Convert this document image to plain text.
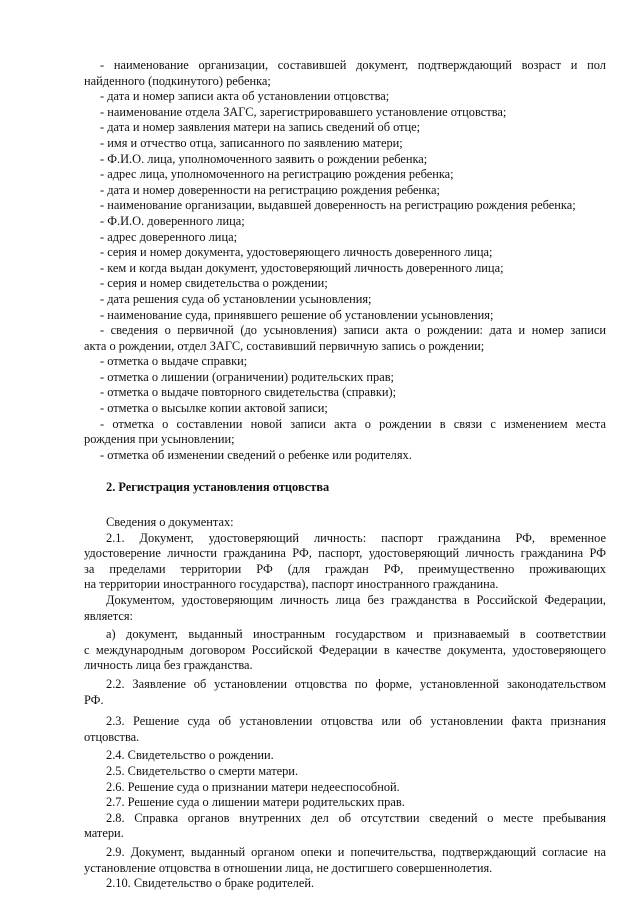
- наименование организации, составившей документ, подтверждающий возраст и пол
найденного (подкинутого) ребенка;
- дата и номер записи акта об установлении отцовства;
- наименование отдела ЗАГС, зарегистрировавшего установление отцовства;
- дата и номер заявления матери на запись сведений об отце;
- имя и отчество отца, записанного по заявлению матери;
- Ф.И.О. лица, уполномоченного заявить о рождении ребенка;
- адрес лица, уполномоченного на регистрацию рождения ребенка;
- дата и номер доверенности на регистрацию рождения ребенка;
- наименование организации, выдавшей доверенность на регистрацию рождения ребенка;
- Ф.И.О. доверенного лица;
- адрес доверенного лица;
- серия и номер документа, удостоверяющего личность доверенного лица;
- кем и когда выдан документ, удостоверяющий личность доверенного лица;
- серия и номер свидетельства о рождении;
- дата решения суда об установлении усыновления;
- наименование суда, принявшего решение об установлении усыновления;
- сведения о первичной (до усыновления) записи акта о рождении: дата и номер записи
акта о рождении, отдел ЗАГС, составивший первичную запись о рождении;
- отметка о выдаче справки;
- отметка о лишении (ограничении) родительских прав;
- отметка о выдаче повторного свидетельства (справки);
- отметка о высылке копии актовой записи;
- отметка о составлении новой записи акта о рождении в связи с изменением места
рождения при усыновлении;
- отметка об изменении сведений о ребенке или родителях.
2. Регистрация установления отцовства
Сведения о документах:
2.1. Документ, удостоверяющий личность: паспорт гражданина РФ, временное
удостоверение личности гражданина РФ, паспорт, удостоверяющий личность гражданина РФ
за пределами территории РФ (для граждан РФ, преимущественно проживающих
на территории иностранного государства), паспорт иностранного гражданина.
Документом, удостоверяющим личность лица без гражданства в Российской Федерации,
является:
а) документ, выданный иностранным государством и признаваемый в соответствии
с международным договором Российской Федерации в качестве документа, удостоверяющего
личность лица без гражданства.
2.2. Заявление об установлении отцовства по форме, установленной законодательством
РФ.
2.3. Решение суда об установлении отцовства или об установлении факта признания
отцовства.
2.4. Свидетельство о рождении.
2.5. Свидетельство о смерти матери.
2.6. Решение суда о признании матери недееспособной.
2.7. Решение суда о лишении матери родительских прав.
2.8. Справка органов внутренних дел об отсутствии сведений о месте пребывания
матери.
2.9. Документ, выданный органом опеки и попечительства, подтверждающий согласие на
установление отцовства в отношении лица, не достигшего совершеннолетия.
2.10. Свидетельство о браке родителей.
